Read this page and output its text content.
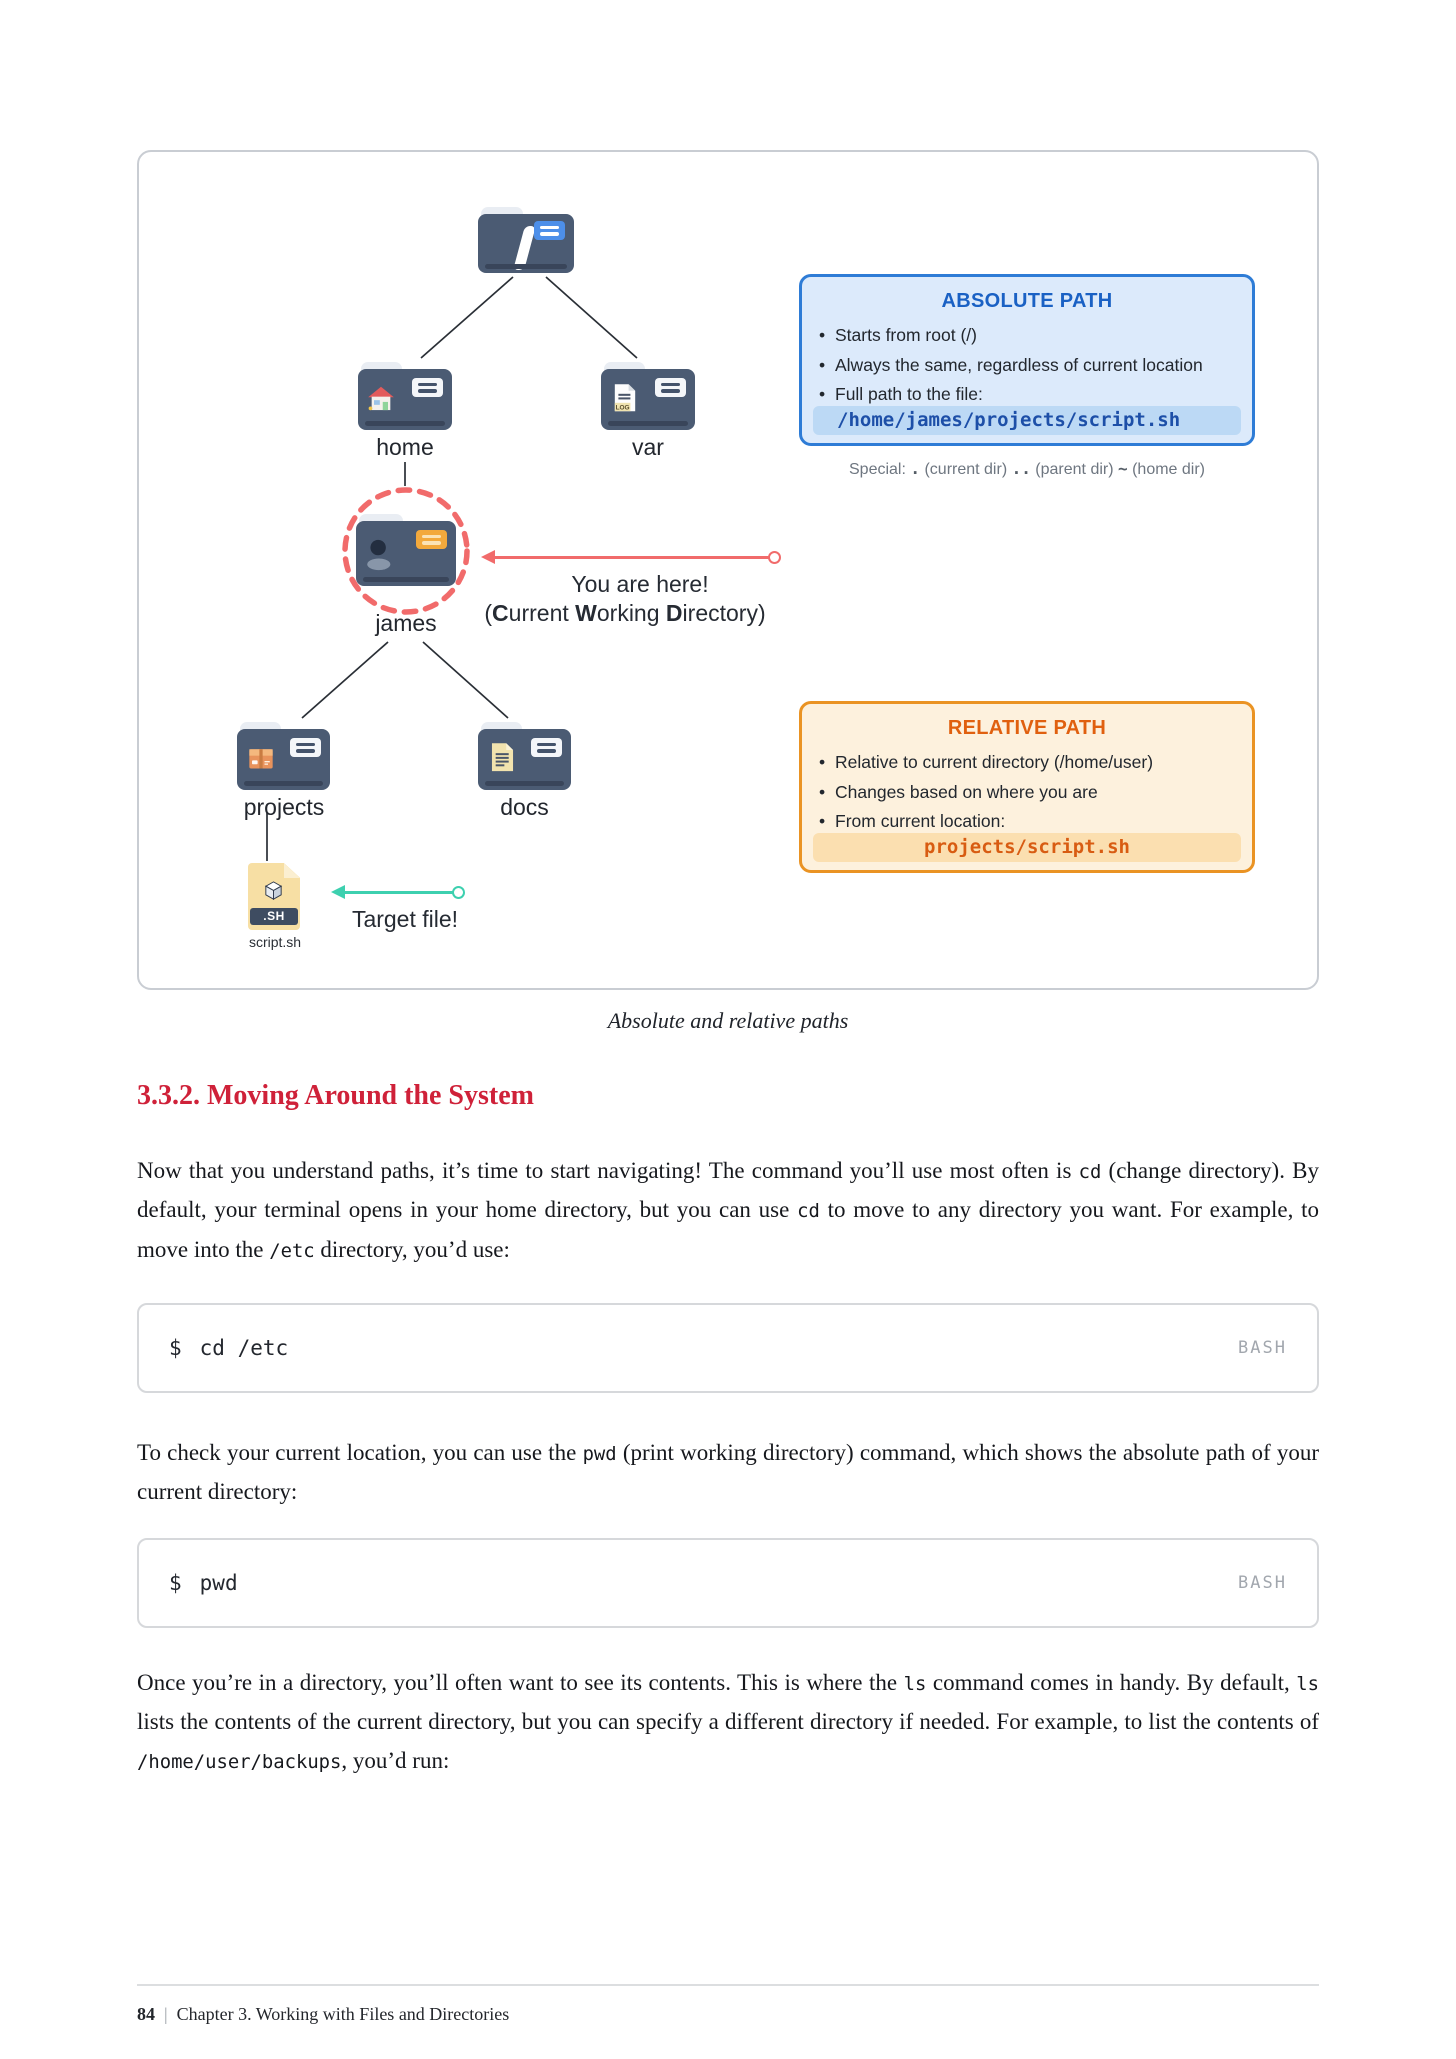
home
LOG
var
james
You are here!
(Current Working Directory)
projects	docs
.SH
script.sh
Target file!
ABSOLUTE PATH
• Starts from root (/)
• Always the same, regardless of current location
• Full path to the file:
/home/james/projects/script.sh
Special: . (current dir) .. (parent dir) ~ (home dir)
RELATIVE PATH
• Relative to current directory (/home/user)
• Changes based on where you are
• From current location:
projects/script.sh
Absolute and relative paths
3.3.2. Moving Around the System
Now that you understand paths, it’s time to start navigating! The command you’ll use most often is cd (change directory). By default, your terminal opens in your home directory, but you can use cd to move to any directory you want. For example, to move into the /etc directory, you’d use:
$ cd /etc	BASH
To check your current location, you can use the pwd (print working directory) command, which shows the absolute path of your current directory:
$ pwd	BASH
Once you’re in a directory, you’ll often want to see its contents. This is where the ls command comes in handy. By default, ls lists the contents of the current directory, but you can specify a different directory if needed. For example, to list the contents of /home/user/backups, you’d run:
84 | Chapter 3. Working with Files and Directories
